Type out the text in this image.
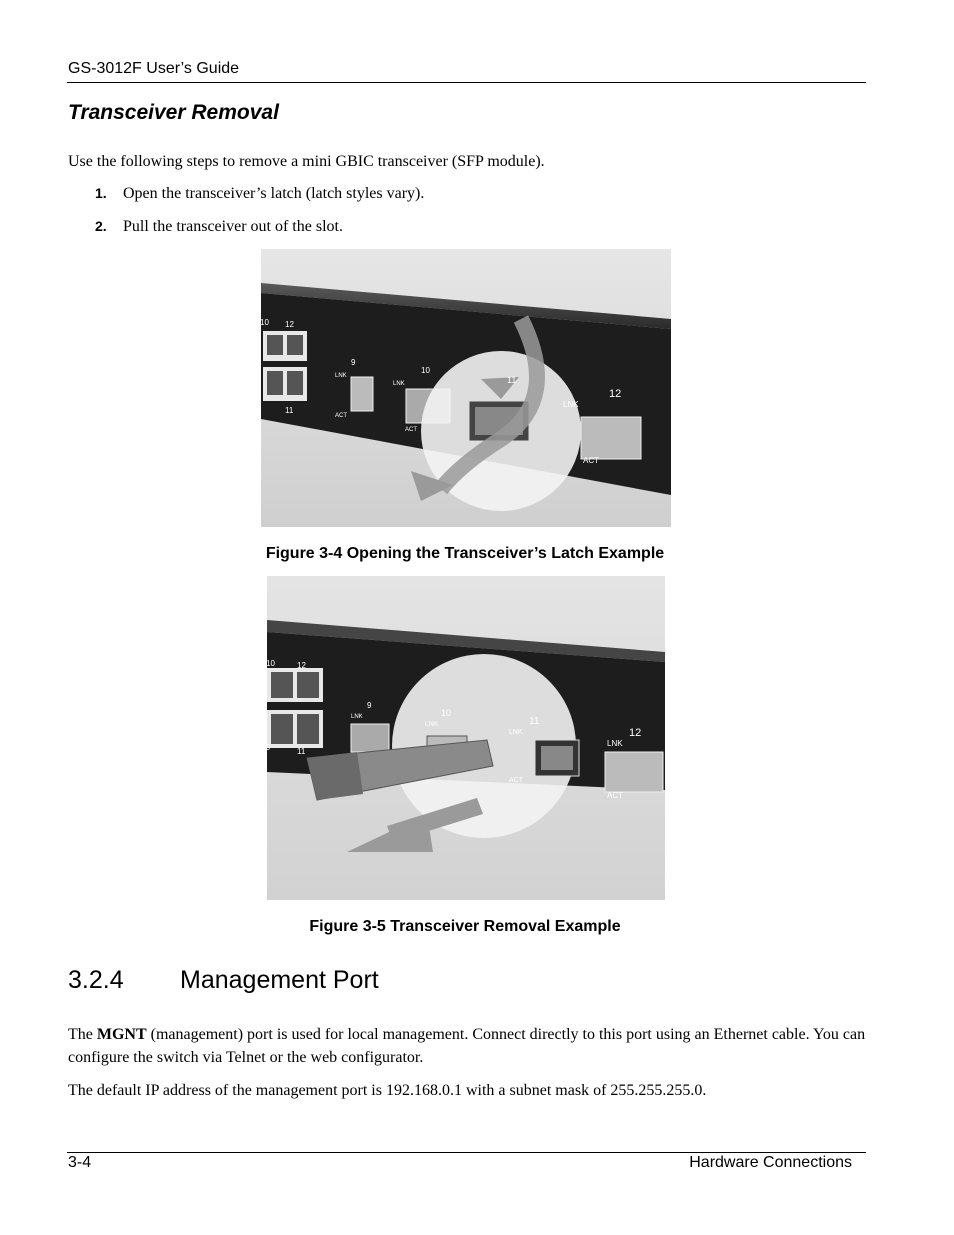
GS-3012F User’s Guide
Transceiver Removal
Use the following steps to remove a mini GBIC transceiver (SFP module).
1. Open the transceiver’s latch (latch styles vary).
2. Pull the transceiver out of the slot.
10 12
9
10
11
12
11
LNK
ACT
LNK
ACT
LNK
ACT
Figure 3-4 Opening the Transceiver’s Latch Example
10	12
9
10
11
12
9	11
LNK
LNK
LNK
ACT
LNK
ACT
Figure 3-5 Transceiver Removal Example
3.2.4 Management Port
The MGNT (management) port is used for local management. Connect directly to this port using an Ethernet cable. You can configure the switch via Telnet or the web configurator.
The default IP address of the management port is 192.168.0.1 with a subnet mask of 255.255.255.0.
3-4	Hardware Connections
